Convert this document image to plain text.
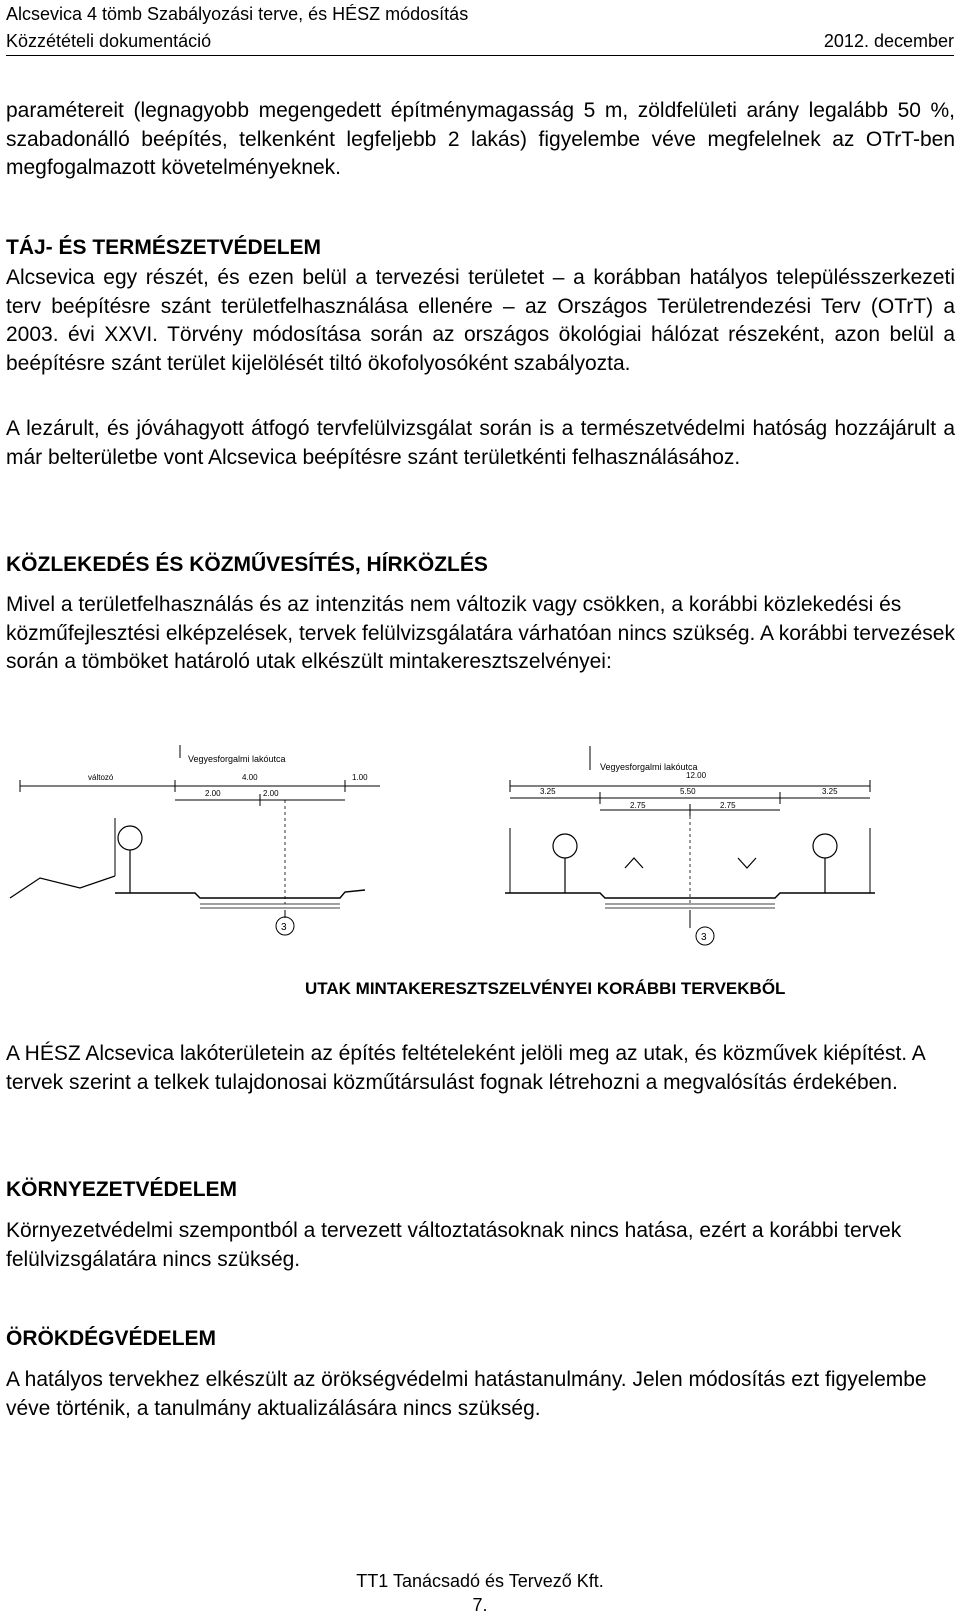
Alcsevica 4 tömb Szabályozási terve, és HÉSZ módosítás
Közzétételi dokumentáció	2012. december

paramétereit (legnagyobb megengedett építménymagasság 5 m, zöldfelületi arány legalább 50 %, szabadonálló beépítés, telkenként legfeljebb 2 lakás) figyelembe véve megfelelnek az OTrT-ben megfogalmazott követelményeknek.

TÁJ- ÉS TERMÉSZETVÉDELEM

Alcsevica egy részét, és ezen belül a tervezési területet – a korábban hatályos településszerkezeti terv beépítésre szánt területfelhasználása ellenére – az Országos Területrendezési Terv (OTrT) a 2003. évi XXVI. Törvény módosítása során az országos ökológiai hálózat részeként, azon belül a beépítésre szánt terület kijelölését tiltó ökofolyosóként szabályozta.

A lezárult, és jóváhagyott átfogó tervfelülvizsgálat során is a természetvédelmi hatóság hozzájárult a már belterületbe vont Alcsevica beépítésre szánt területkénti felhasználásához.

KÖZLEKEDÉS ÉS KÖZMŰVESÍTÉS, HÍRKÖZLÉS

Mivel a területfelhasználás és az intenzitás nem változik vagy csökken, a korábbi közlekedési és közműfejlesztési elképzelések, tervek felülvizsgálatára várhatóan nincs szükség. A korábbi tervezések során a tömböket határoló utak elkészült mintakeresztszelvényei:

Vegyesforgalmi lakóutca
változó	4.00	1.00
2.00	2.00
3
Vegyesforgalmi lakóutca
12.00
3.25	5.50	3.25
2.75	2.75
3
UTAK MINTAKERESZTSZELVÉNYEI KORÁBBI TERVEKBŐL

A HÉSZ Alcsevica lakóterületein az építés feltételeként jelöli meg az utak, és közművek kiépítést. A tervek szerint a telkek tulajdonosai közműtársulást fognak létrehozni a megvalósítás érdekében.

KÖRNYEZETVÉDELEM

Környezetvédelmi szempontból a tervezett változtatásoknak nincs hatása, ezért a korábbi tervek felülvizsgálatára nincs szükség.

ÖRÖKDÉGVÉDELEM

A hatályos tervekhez elkészült az örökségvédelmi hatástanulmány. Jelen módosítás ezt figyelembe véve történik, a tanulmány aktualizálására nincs szükség.

TT1 Tanácsadó és Tervező Kft.
7.
